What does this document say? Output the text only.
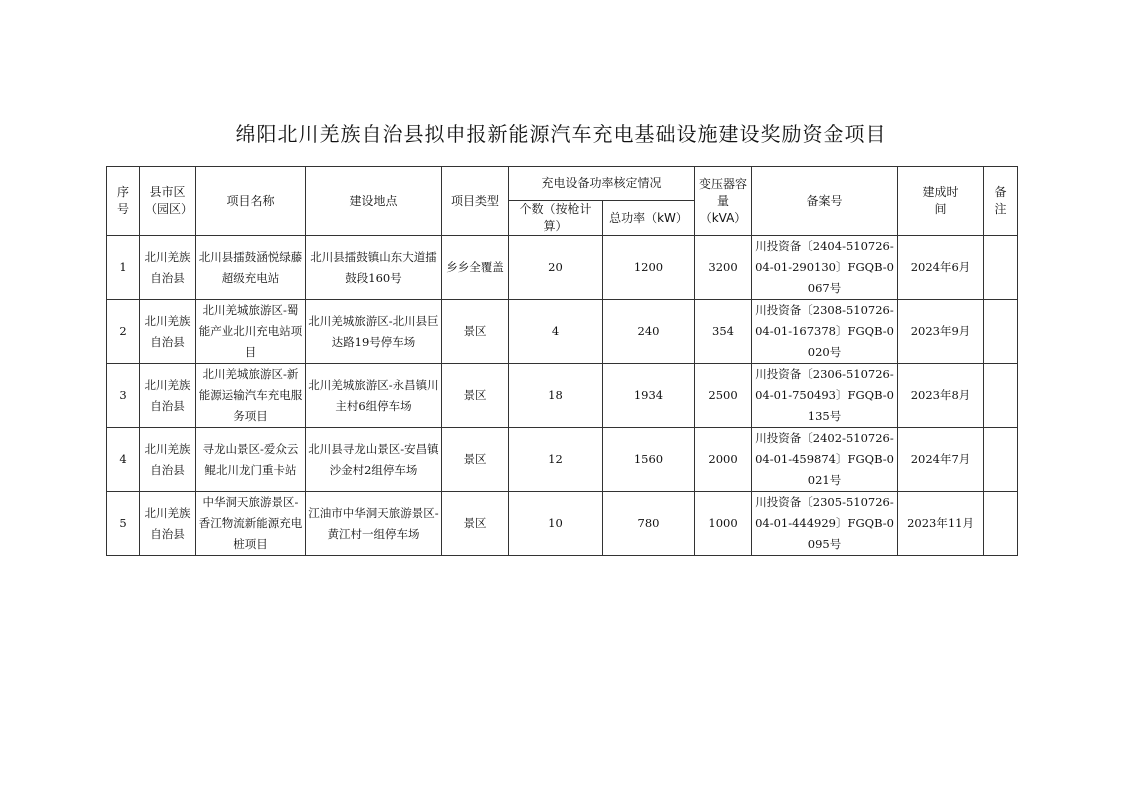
绵阳北川羌族自治县拟申报新能源汽车充电基础设施建设奖励资金项目
序号	县市区（园区）	项目名称	建设地点	项目类型	充电设备功率核定情况		变压器容量（kVA）	备案号	建成时间	备注
					个数（按枪计算）	总功率（kW）				
1	北川羌族自治县	北川县擂鼓涵悦绿藤超级充电站	北川县擂鼓镇山东大道擂鼓段160号	乡乡全覆盖	20	1200	3200	川投资备〔2404-510726-04-01-290130〕FGQB-0067号	2024年6月	
2	北川羌族自治县	北川羌城旅游区-蜀能产业北川充电站项目	北川羌城旅游区-北川县巨达路19号停车场	景区	4	240	354	川投资备〔2308-510726-04-01-167378〕FGQB-0020号	2023年9月	
3	北川羌族自治县	北川羌城旅游区-新能源运输汽车充电服务项目	北川羌城旅游区-永昌镇川主村6组停车场	景区	18	1934	2500	川投资备〔2306-510726-04-01-750493〕FGQB-0135号	2023年8月	
4	北川羌族自治县	寻龙山景区-爱众云鲲北川龙门重卡站	北川县寻龙山景区-安昌镇沙金村2组停车场	景区	12	1560	2000	川投资备〔2402-510726-04-01-459874〕FGQB-0021号	2024年7月	
5	北川羌族自治县	中华洞天旅游景区-香江物流新能源充电桩项目	江油市中华洞天旅游景区-黄江村一组停车场	景区	10	780	1000	川投资备〔2305-510726-04-01-444929〕FGQB-0095号	2023年11月	
